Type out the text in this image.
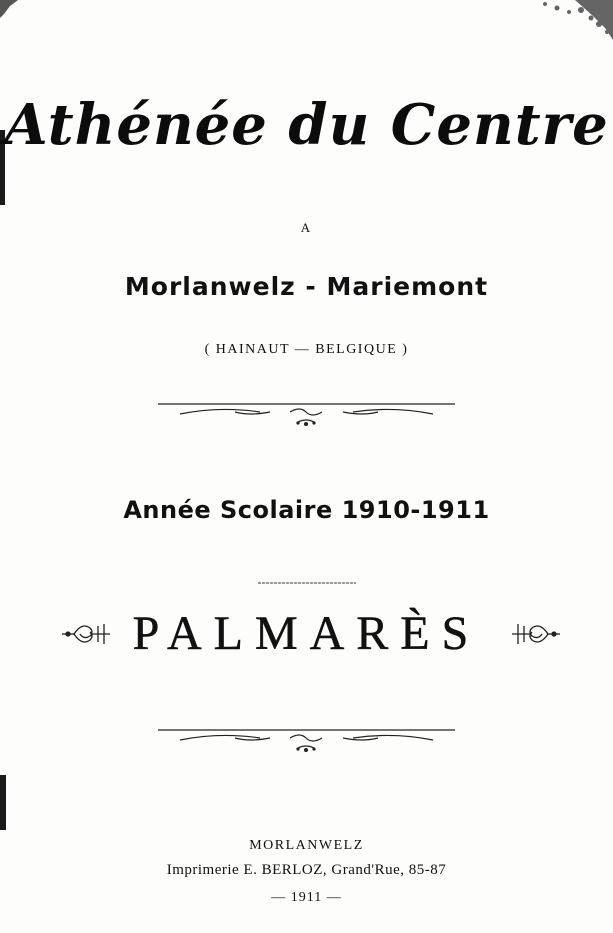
Athénée du Centre
A
Morlanwelz - Mariemont
( HAINAUT — BELGIQUE )
Année Scolaire 1910-1911
PALMARÈS
MORLANWELZ
Imprimerie E. BERLOZ, Grand'Rue, 85-87
— 1911 —
